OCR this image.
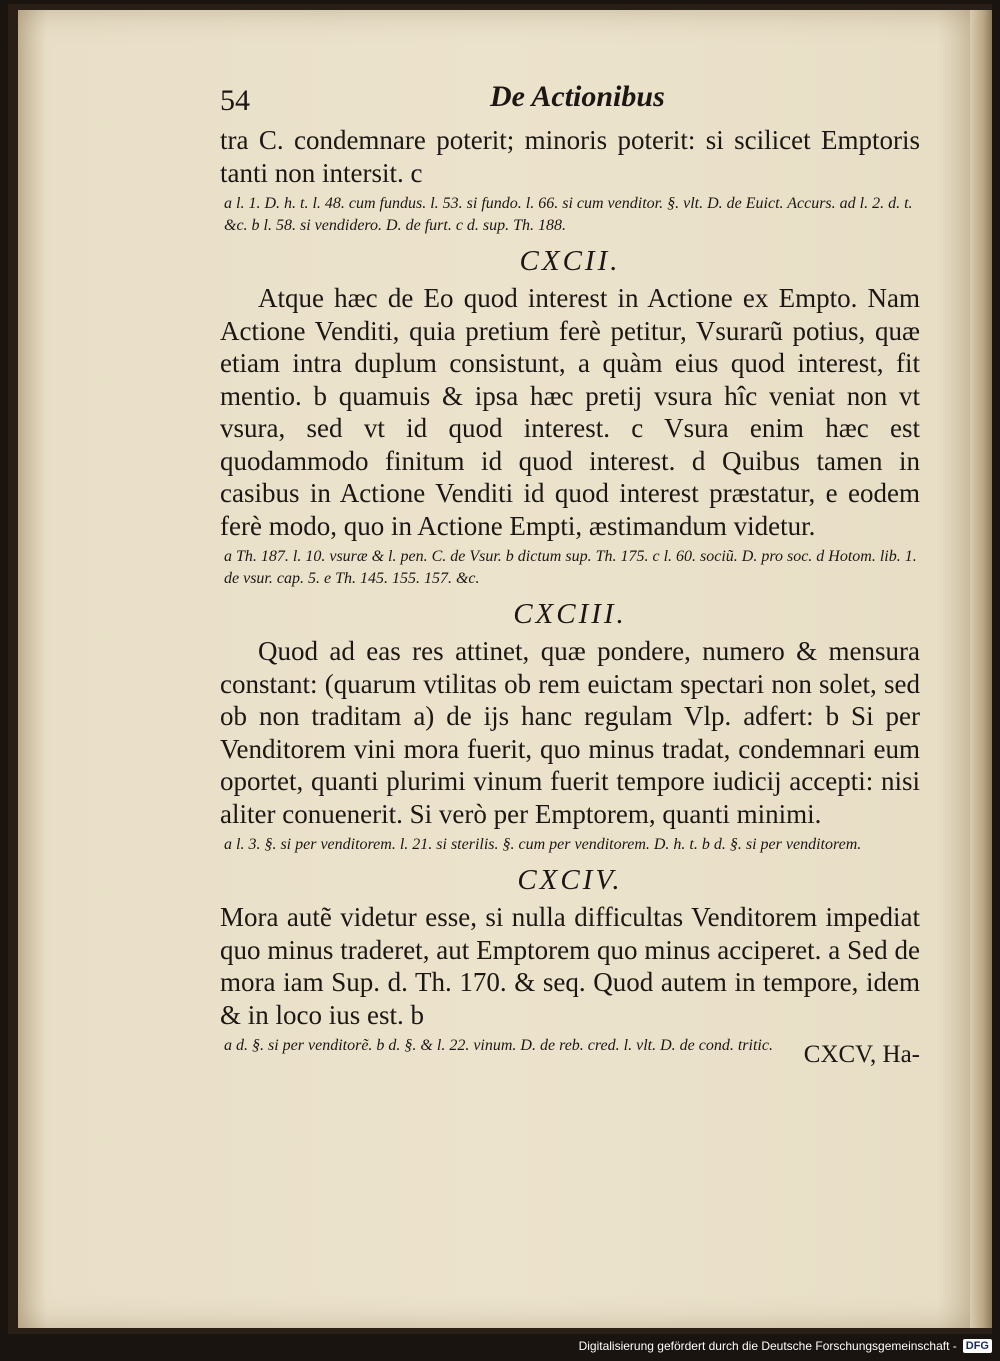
54	De Actionibus

tra C. condemnare poterit; minoris poterit: si scilicet Emptoris tanti non intersit. c

a l. 1. D. h. t. l. 48. cum fundus. l. 53. si fundo. l. 66. si cum venditor. §. vlt. D. de Euict. Accurs. ad l. 2. d. t. &c. b l. 58. si vendidero. D. de furt. c d. sup. Th. 188.
CXCII.

Atque hæc de Eo quod interest in Actione ex Empto. Nam Actione Venditi, quia pretium ferè petitur, Vsurarũ potius, quæ etiam intra duplum consistunt, a quàm eius quod interest, fit mentio. b quamuis & ipsa hæc pretij vsura hîc veniat non vt vsura, sed vt id quod interest. c Vsura enim hæc est quodammodo finitum id quod interest. d Quibus tamen in casibus in Actione Venditi id quod interest præstatur, e eodem ferè modo, quo in Actione Empti, æstimandum videtur.

a Th. 187. l. 10. vsuræ & l. pen. C. de Vsur. b dictum sup. Th. 175. c l. 60. sociũ. D. pro soc. d Hotom. lib. 1. de vsur. cap. 5. e Th. 145. 155. 157. &c.
CXCIII.

Quod ad eas res attinet, quæ pondere, numero & mensura constant: (quarum vtilitas ob rem euictam spectari non solet, sed ob non traditam a) de ijs hanc regulam Vlp. adfert: b Si per Venditorem vini mora fuerit, quo minus tradat, condemnari eum oportet, quanti plurimi vinum fuerit tempore iudicij accepti: nisi aliter conuenerit. Si verò per Emptorem, quanti minimi.

a l. 3. §. si per venditorem. l. 21. si sterilis. §. cum per venditorem. D. h. t. b d. §. si per venditorem.
CXCIV.

Mora autẽ videtur esse, si nulla difficultas Venditorem impediat quo minus traderet, aut Emptorem quo minus acciperet. a Sed de mora iam Sup. d. Th. 170. & seq. Quod autem in tempore, idem & in loco ius est. b

a d. §. si per venditorẽ. b d. §. & l. 22. vinum. D. de reb. cred. l. vlt. D. de cond. tritic.	CXCV, Ha-
Digitalisierung gefördert durch die Deutsche Forschungsgemeinschaft - DFG
